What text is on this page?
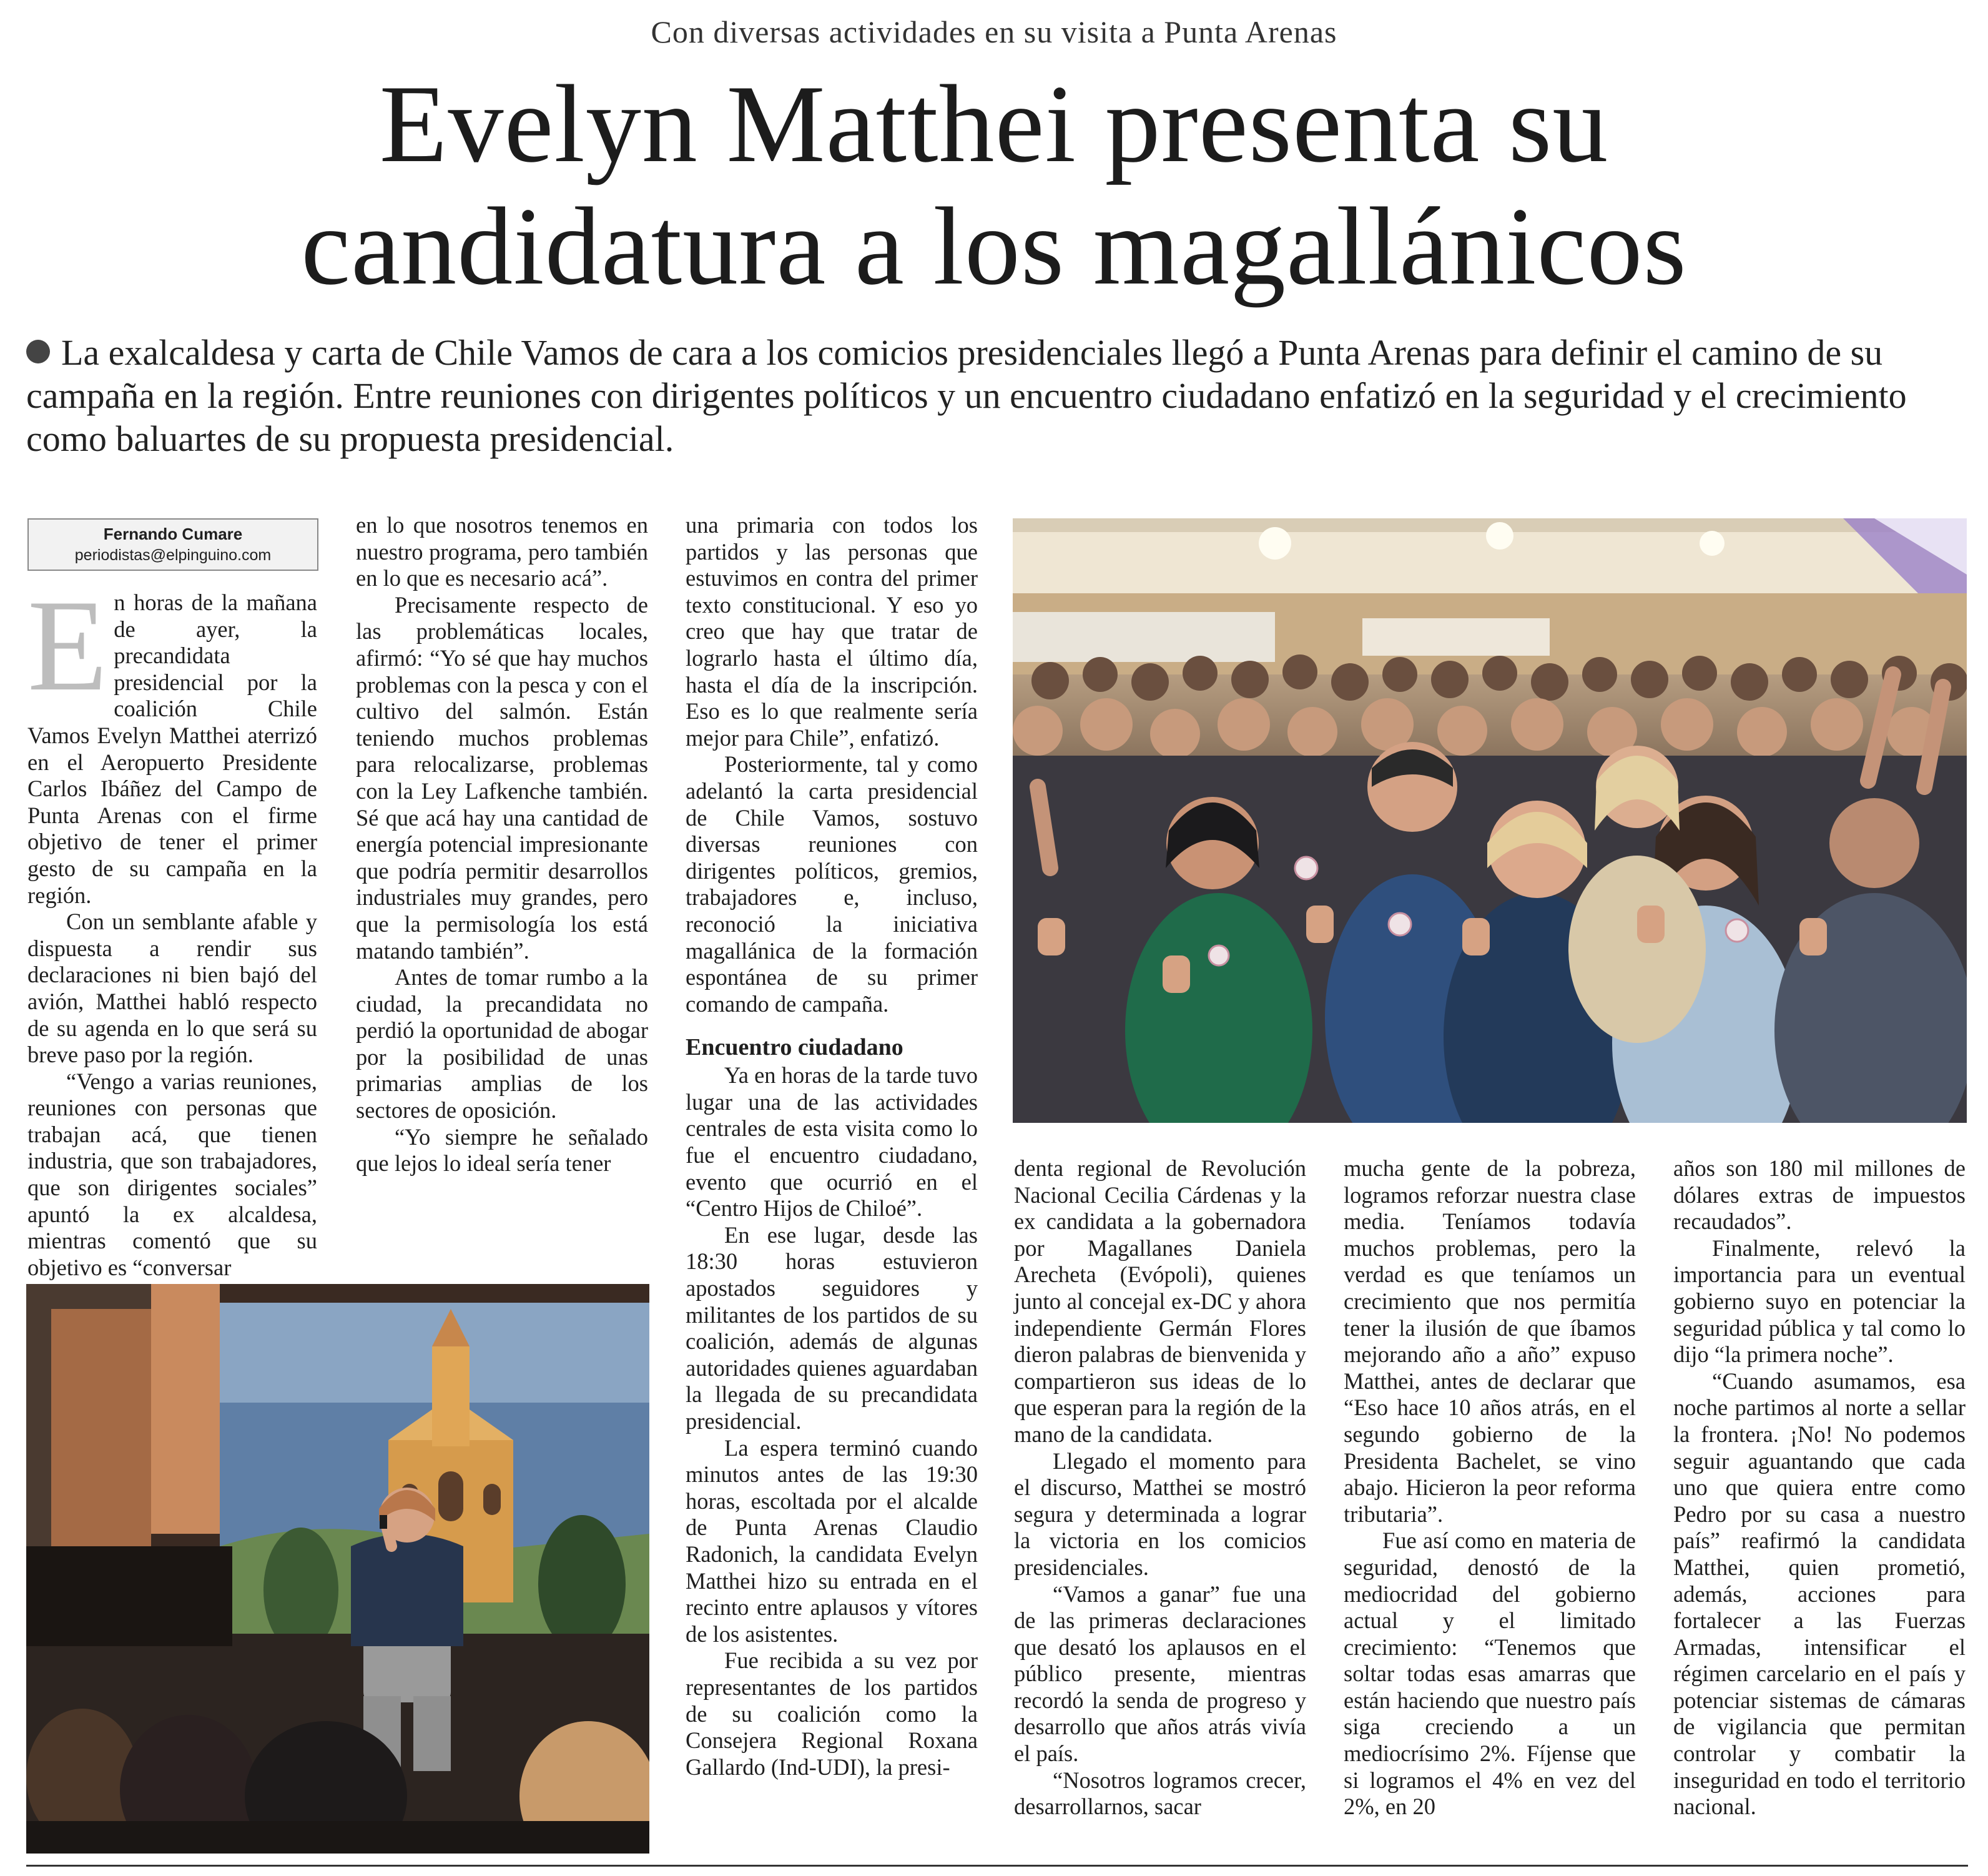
Con diversas actividades en su visita a Punta Arenas
Evelyn Matthei presenta su
candidatura a los magallánicos
La exalcaldesa y carta de Chile Vamos de cara a los comicios presidenciales llegó a Punta Arenas para definir el camino de su campaña en la región. Entre reuniones con dirigentes políticos y un encuentro ciudadano enfatizó en la seguridad y el crecimiento como baluartes de su propuesta presidencial.
Fernando Cumare
periodistas@elpinguino.com
E n horas de la mañana de ayer, la precandidata presidencial por la coalición Chile Vamos Evelyn Matthei aterrizó en el Aeropuerto Presidente Carlos Ibáñez del Campo de Punta Arenas con el firme objetivo de tener el primer gesto de su campaña en la región.

Con un semblante afable y dispuesta a rendir sus declaraciones ni bien bajó del avión, Matthei habló respecto de su agenda en lo que será su breve paso por la región.

“Vengo a varias reuniones, reuniones con personas que trabajan acá, que tienen industria, que son trabajadores, que son dirigentes sociales” apuntó la ex alcaldesa, mientras comentó que su objetivo es “conversar

en lo que nosotros tenemos en nuestro programa, pero también en lo que es necesario acá”.

Precisamente respecto de las problemáticas locales, afirmó: “Yo sé que hay muchos problemas con la pesca y con el cultivo del salmón. Están teniendo muchos problemas para relocalizarse, problemas con la Ley Lafkenche también. Sé que acá hay una cantidad de energía potencial impresionante que podría permitir desarrollos industriales muy grandes, pero que la permisología los está matando también”.

Antes de tomar rumbo a la ciudad, la precandidata no perdió la oportunidad de abogar por la posibilidad de unas primarias amplias de los sectores de oposición.

“Yo siempre he señalado que lejos lo ideal sería tener

una primaria con todos los partidos y las personas que estuvimos en contra del primer texto constitucional. Y eso yo creo que hay que tratar de lograrlo hasta el último día, hasta el día de la inscripción. Eso es lo que realmente sería mejor para Chile”, enfatizó.

Posteriormente, tal y como adelantó la carta presidencial de Chile Vamos, sostuvo diversas reuniones con dirigentes políticos, gremios, trabajadores e, incluso, reconoció la iniciativa magallánica de la formación espontánea de su primer comando de campaña.

Encuentro ciudadano

Ya en horas de la tarde tuvo lugar una de las actividades centrales de esta visita como lo fue el encuentro ciudadano, evento que ocurrió en el “Centro Hijos de Chiloé”.

En ese lugar, desde las 18:30 horas estuvieron apostados seguidores y militantes de los partidos de su coalición, además de algunas autoridades quienes aguardaban la llegada de su precandidata presidencial.

La espera terminó cuando minutos antes de las 19:30 horas, escoltada por el alcalde de Punta Arenas Claudio Radonich, la candidata Evelyn Matthei hizo su entrada en el recinto entre aplausos y vítores de los asistentes.

Fue recibida a su vez por representantes de los partidos de su coalición como la Consejera Regional Roxana Gallardo (Ind-UDI), la presi-

denta regional de Revolución Nacional Cecilia Cárdenas y la ex candidata a la gobernadora por Magallanes Daniela Arecheta (Evópoli), quienes junto al concejal ex-DC y ahora independiente Germán Flores dieron palabras de bienvenida y compartieron sus ideas de lo que esperan para la región de la mano de la candidata.

Llegado el momento para el discurso, Matthei se mostró segura y determinada a lograr la victoria en los comicios presidenciales.

“Vamos a ganar” fue una de las primeras declaraciones que desató los aplausos en el público presente, mientras recordó la senda de progreso y desarrollo que años atrás vivía el país.

“Nosotros logramos crecer, desarrollarnos, sacar

mucha gente de la pobreza, logramos reforzar nuestra clase media. Teníamos todavía muchos problemas, pero la verdad es que teníamos un crecimiento que nos permitía tener la ilusión de que íbamos mejorando año a año” expuso Matthei, antes de declarar que “Eso hace 10 años atrás, en el segundo gobierno de la Presidenta Bachelet, se vino abajo. Hicieron la peor reforma tributaria”.

Fue así como en materia de seguridad, denostó de la mediocridad del gobierno actual y el limitado crecimiento: “Tenemos que soltar todas esas amarras que están haciendo que nuestro país siga creciendo a un mediocrísimo 2%. Fíjense que si logramos el 4% en vez del 2%, en 20

años son 180 mil millones de dólares extras de impuestos recaudados”.

Finalmente, relevó la importancia para un eventual gobierno suyo en potenciar la seguridad pública y tal como lo dijo “la primera noche”.

“Cuando asumamos, esa noche partimos al norte a sellar la frontera. ¡No! No podemos seguir aguantando que cada uno que quiera entre como Pedro por su casa a nuestro país” reafirmó la candidata Matthei, quien prometió, además, acciones para fortalecer a las Fuerzas Armadas, intensificar el régimen carcelario en el país y potenciar sistemas de cámaras de vigilancia que permitan controlar y combatir la inseguridad en todo el territorio nacional.
